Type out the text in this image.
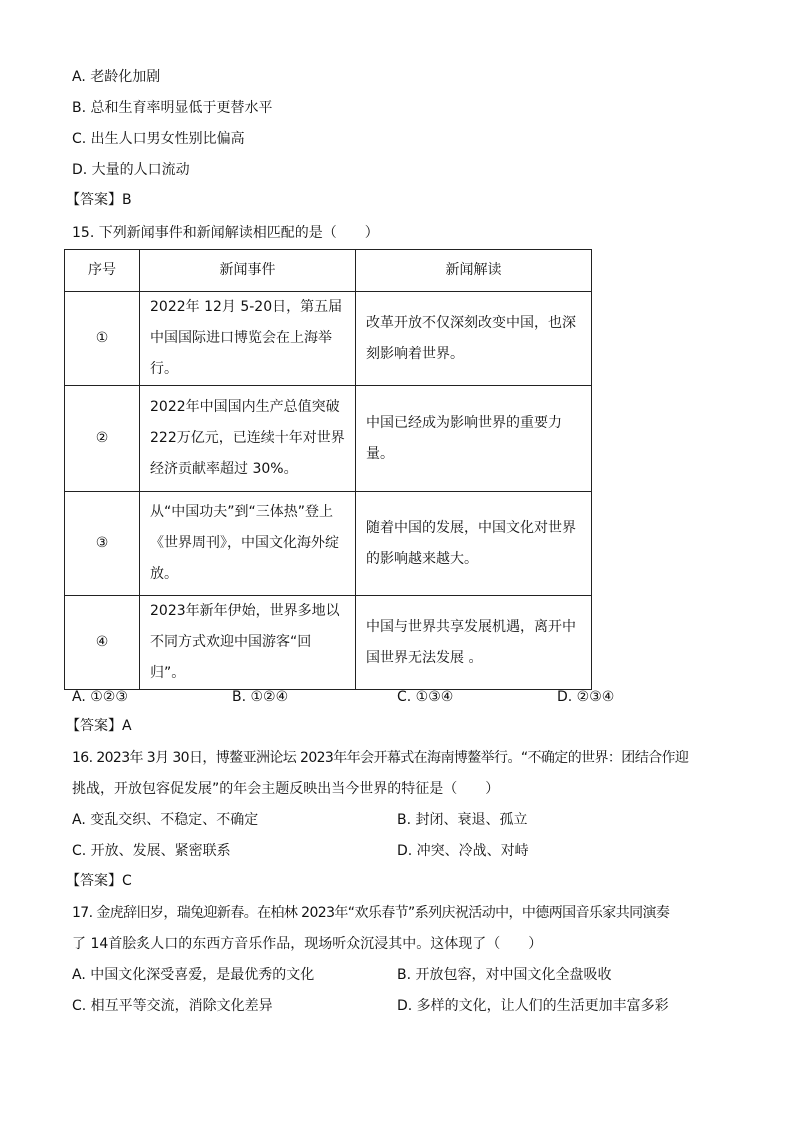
A. 老龄化加剧
B. 总和生育率明显低于更替水平
C. 出生人口男女性别比偏高
D. 大量的人口流动
【答案】B
15. 下列新闻事件和新闻解读相匹配的是（　　）
序号	新闻事件	新闻解读
①	2022年 12月 5-20日，第五届中国国际进口博览会在上海举行。	改革开放不仅深刻改变中国，也深刻影响着世界。
②	2022年中国国内生产总值突破222万亿元，已连续十年对世界经济贡献率超过 30%。	中国已经成为影响世界的重要力量。
③	从“中国功夫”到“三体热”登上《世界周刊》，中国文化海外绽放。	随着中国的发展，中国文化对世界的影响越来越大。
④	2023年新年伊始，世界多地以不同方式欢迎中国游客“回归”。	中国与世界共享发展机遇，离开中国世界无法发展 。
A. ①②③	B. ①②④	C. ①③④	D. ②③④
【答案】A
16. 2023年 3月 30日，博鳌亚洲论坛 2023年年会开幕式在海南博鳌举行。“不确定的世界：团结合作迎
挑战，开放包容促发展”的年会主题反映出当今世界的特征是（　　）
A. 变乱交织、不稳定、不确定	B. 封闭、衰退、孤立
C. 开放、发展、紧密联系	D. 冲突、冷战、对峙
【答案】C
17. 金虎辞旧岁，瑞兔迎新春。在柏林 2023年“欢乐春节”系列庆祝活动中，中德两国音乐家共同演奏
了 14首脍炙人口的东西方音乐作品，现场听众沉浸其中。这体现了（　　）
A. 中国文化深受喜爱，是最优秀的文化	B. 开放包容，对中国文化全盘吸收
C. 相互平等交流，消除文化差异	D. 多样的文化，让人们的生活更加丰富多彩
